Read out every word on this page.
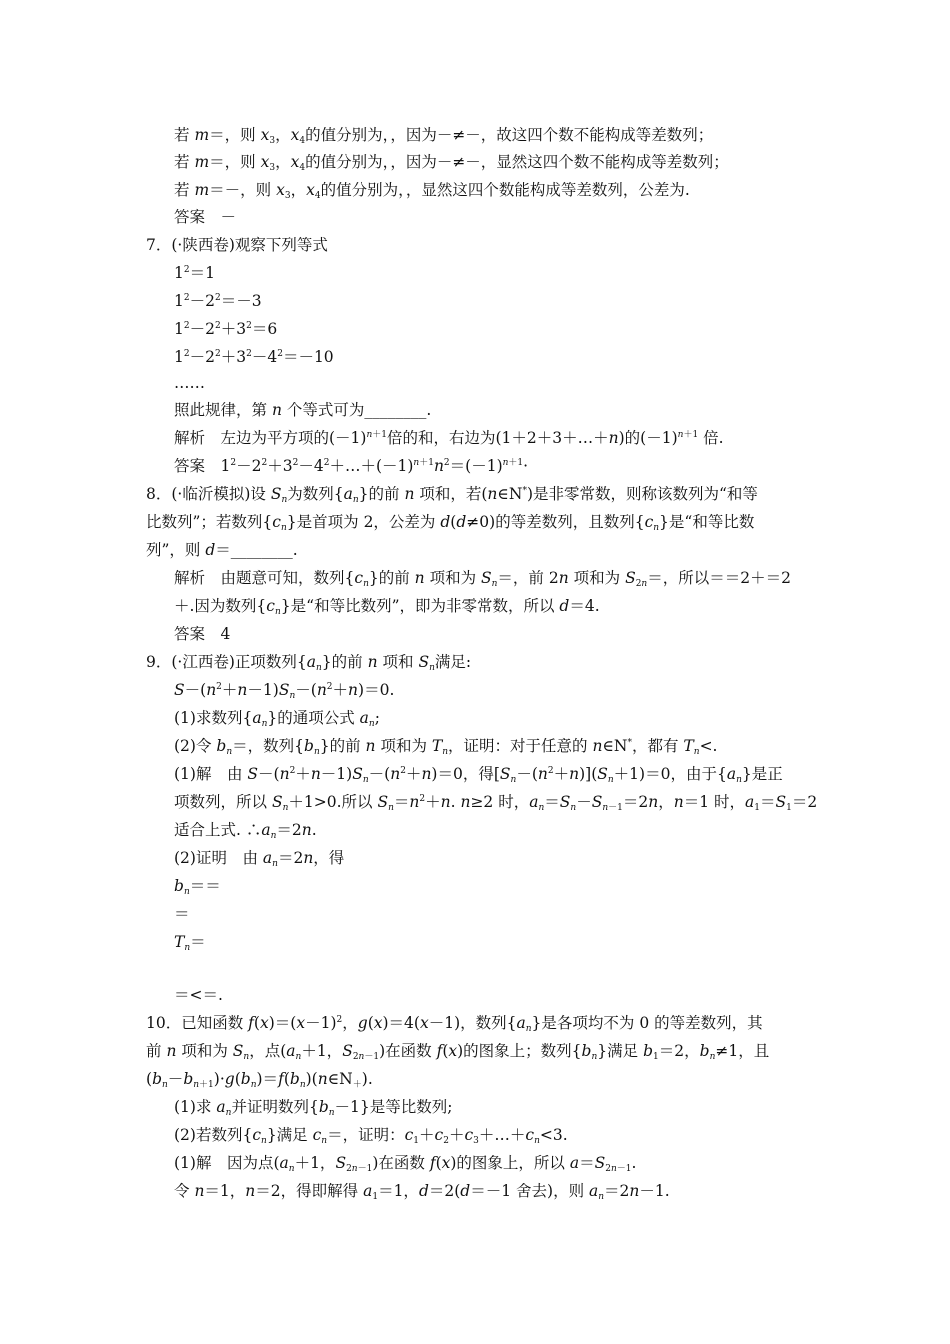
若 m＝，则 $x_3$，$x_4$的值分别为，，因为－≠－，故这四个数不能构成等差数列；
若 m＝，则 $x_3$，$x_4$的值分别为，，因为－≠－，显然这四个数不能构成等差数列；
若 m＝－，则 $x_3$，$x_4$的值分别为，，显然这四个数能构成等差数列，公差为.
答案　－
7．(·陕西卷)观察下列等式
$1^2=1$
$1^2-2^2=-3$
$1^2-2^2+3^2=6$
$1^2-2^2+3^2-4^2=-10$
……
照此规律，第 n 个等式可为________.
解析　左边为平方项的$(-1)^{n+1}$倍的和，右边为(1＋2＋3＋…＋n)的$(-1)^{n+1}$ 倍.
答案　$1^2-2^2+3^2-4^2+\dots+(-1)^{n+1}n^2=(-1)^{n+1}\cdot$
8．(·临沂模拟)设 $S_n$为数列$\{a_n\}$的前 n 项和，若(n∈N*)是非零常数，则称该数列为“和等
比数列”；若数列$\{c_n\}$是首项为 2，公差为 d(d≠0)的等差数列，且数列$\{c_n\}$是“和等比数
列”，则 d＝________.
解析　由题意可知，数列$\{c_n\}$的前 n 项和为 $S_n=$，前 2n 项和为 $S_{2n}=$，所以＝＝2＋＝2
＋.因为数列$\{c_n\}$是“和等比数列”，即为非零常数，所以 d＝4.
答案　4
9．(·江西卷)正项数列$\{a_n\}$的前 n 项和 $S_n$满足:
$S-(n^2+n-1)S_n-(n^2+n)=0$.
(1)求数列$\{a_n\}$的通项公式 $a_n$;
(2)令 $b_n=$，数列$\{b_n\}$的前 n 项和为 $T_n$，证明：对于任意的 n∈N*，都有 $T_n<$.
(1)解　由 $S-(n^2+n-1)S_n-(n^2+n)=0$，得$[S_n-(n^2+n)](S_n+1)=0$，由于$\{a_n\}$是正
项数列，所以 $S_n+1>0$.所以 $S_n=n^2+n$. n≥2 时，$a_n=S_n-S_{n-1}=2n$，n＝1 时，$a_1=S_1=2$
适合上式. $\therefore a_n=2n$.
(2)证明　由 $a_n=2n$，得
$b_n==$
＝
$T_n=$
＝<＝.
10．已知函数 $f(x)=(x-1)^2$，g(x)＝4(x－1)，数列$\{a_n\}$是各项均不为 0 的等差数列，其
前 n 项和为 $S_n$，点($a_n+1$，$S_{2n-1}$)在函数 f(x)的图象上；数列$\{b_n\}$满足 $b_1=2$，$b_n\ne 1$，且
$(b_n-b_{n+1})\cdot g(b_n)=f(b_n)(n\in N_+)$.
(1)求 $a_n$并证明数列$\{b_n-1\}$是等比数列;
(2)若数列$\{c_n\}$满足 $c_n=$，证明：$c_1+c_2+c_3+\dots+c_n<3$.
(1)解　因为点($a_n+1$，$S_{2n-1}$)在函数 f(x)的图象上，所以 $a=S_{2n-1}$.
令 n＝1，n＝2，得即解得 $a_1=1$，d＝2(d＝－1 舍去)，则 $a_n=2n-1$.
